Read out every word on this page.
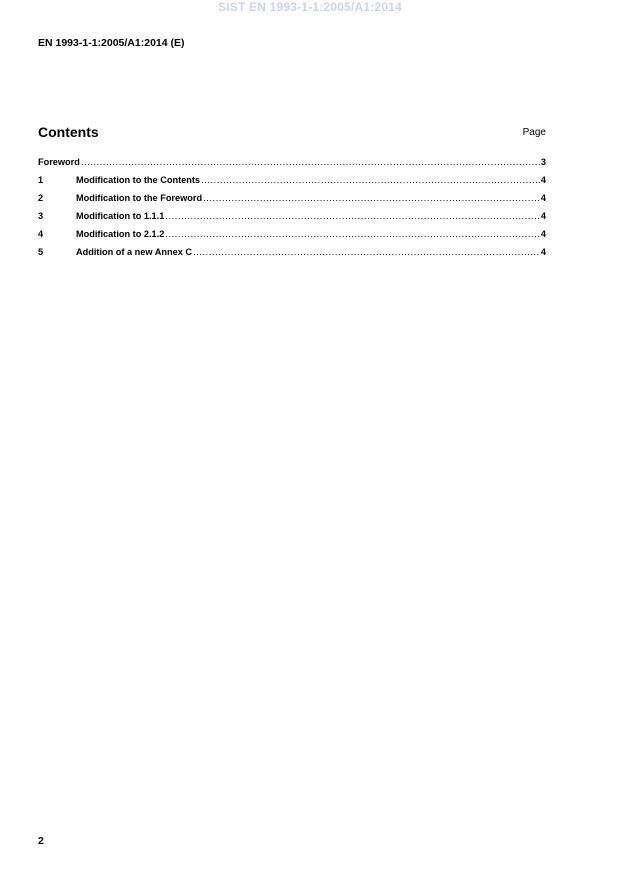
SIST EN 1993-1-1:2005/A1:2014
EN 1993-1-1:2005/A1:2014 (E)
Contents	Page
Foreword .....	3
1	Modification to the Contents .....	4
2	Modification to the Foreword .....	4
3	Modification to 1.1.1 .....	4
4	Modification to 2.1.2 .....	4
5	Addition of a new Annex C .....	4
2
